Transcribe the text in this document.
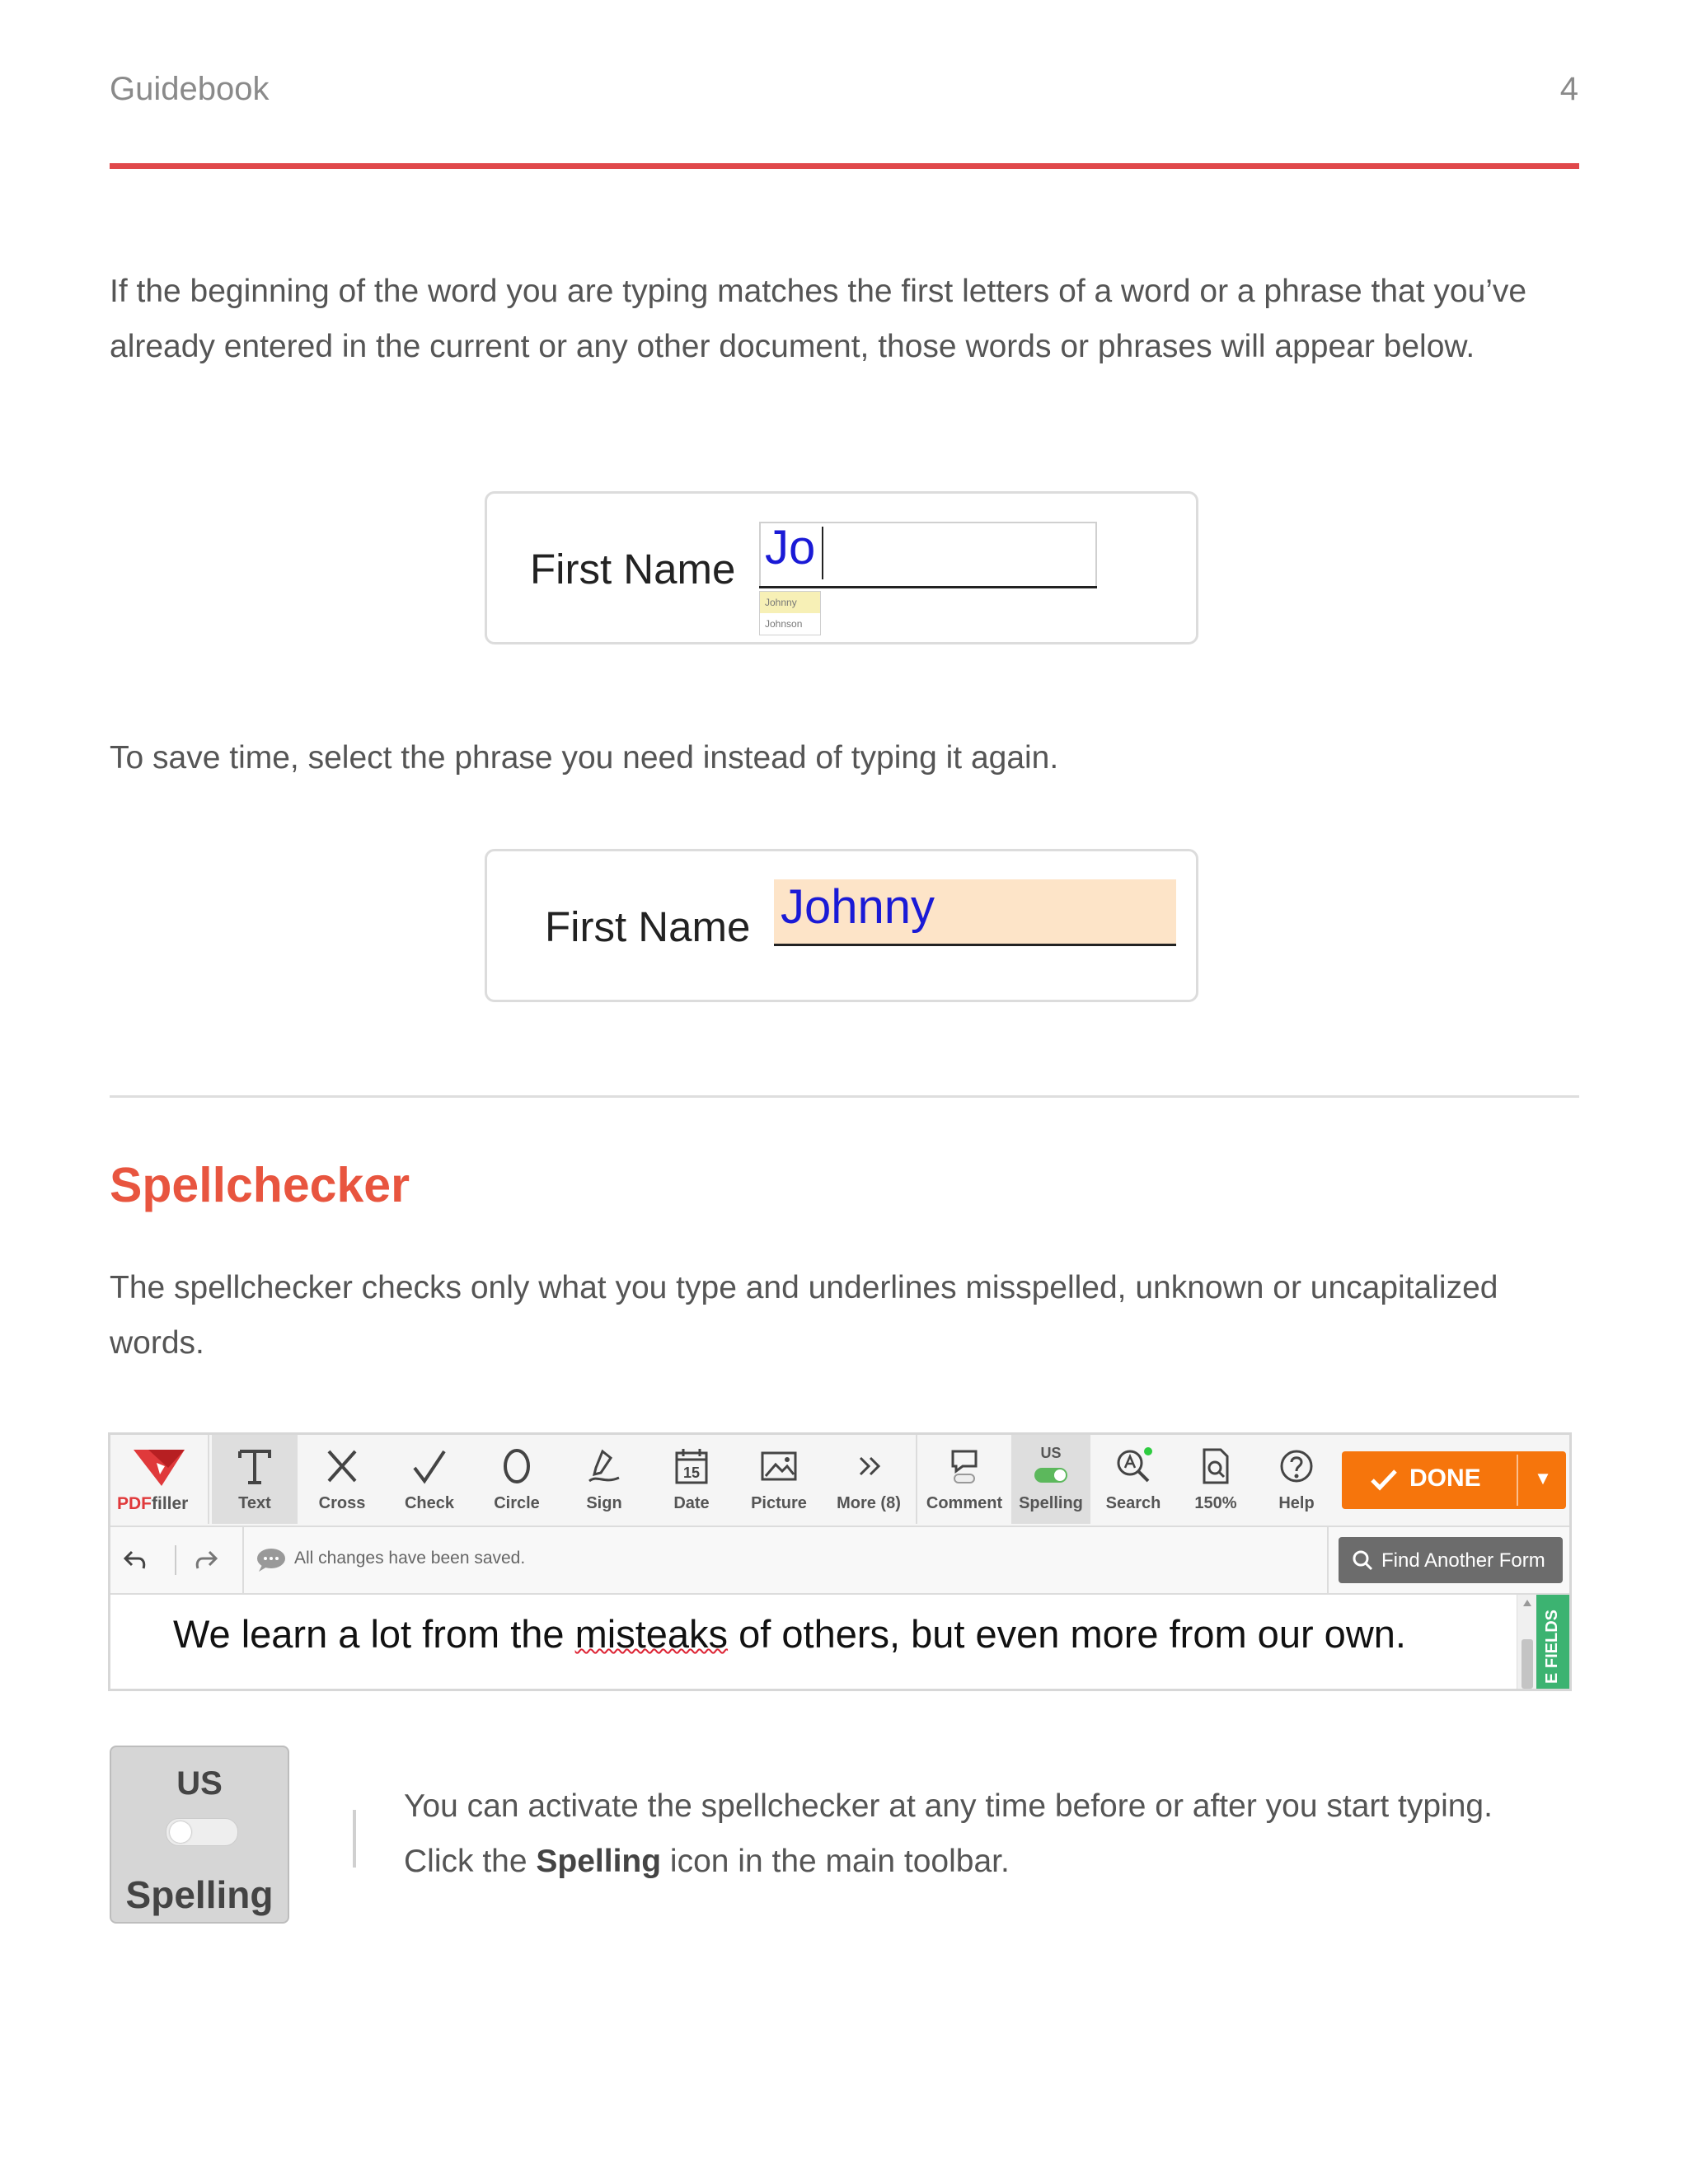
Guidebook	4
If the beginning of the word you are typing matches the first letters of a word or a phrase that you’ve already entered in the current or any other document, those words or phrases will appear below.
First Name Jo
Johnny
Johnson
To save time, select the phrase you need instead of typing it again.
First Name Johnny
Spellchecker
The spellchecker checks only what you type and underlines misspelled, unknown or uncapitalized words.
PDFfiller	Text	Cross	Check	Circle	Sign
15
Date	Picture	More (8)	Comment
US
Spelling	Search	150%	Help
DONE	▼
All changes have been saved.	Find Another Form
We learn a lot from the misteaks of others, but even more from our own.	E FIELDS
US
Spelling
You can activate the spellchecker at any time before or after you start typing.
Click the Spelling icon in the main toolbar.
